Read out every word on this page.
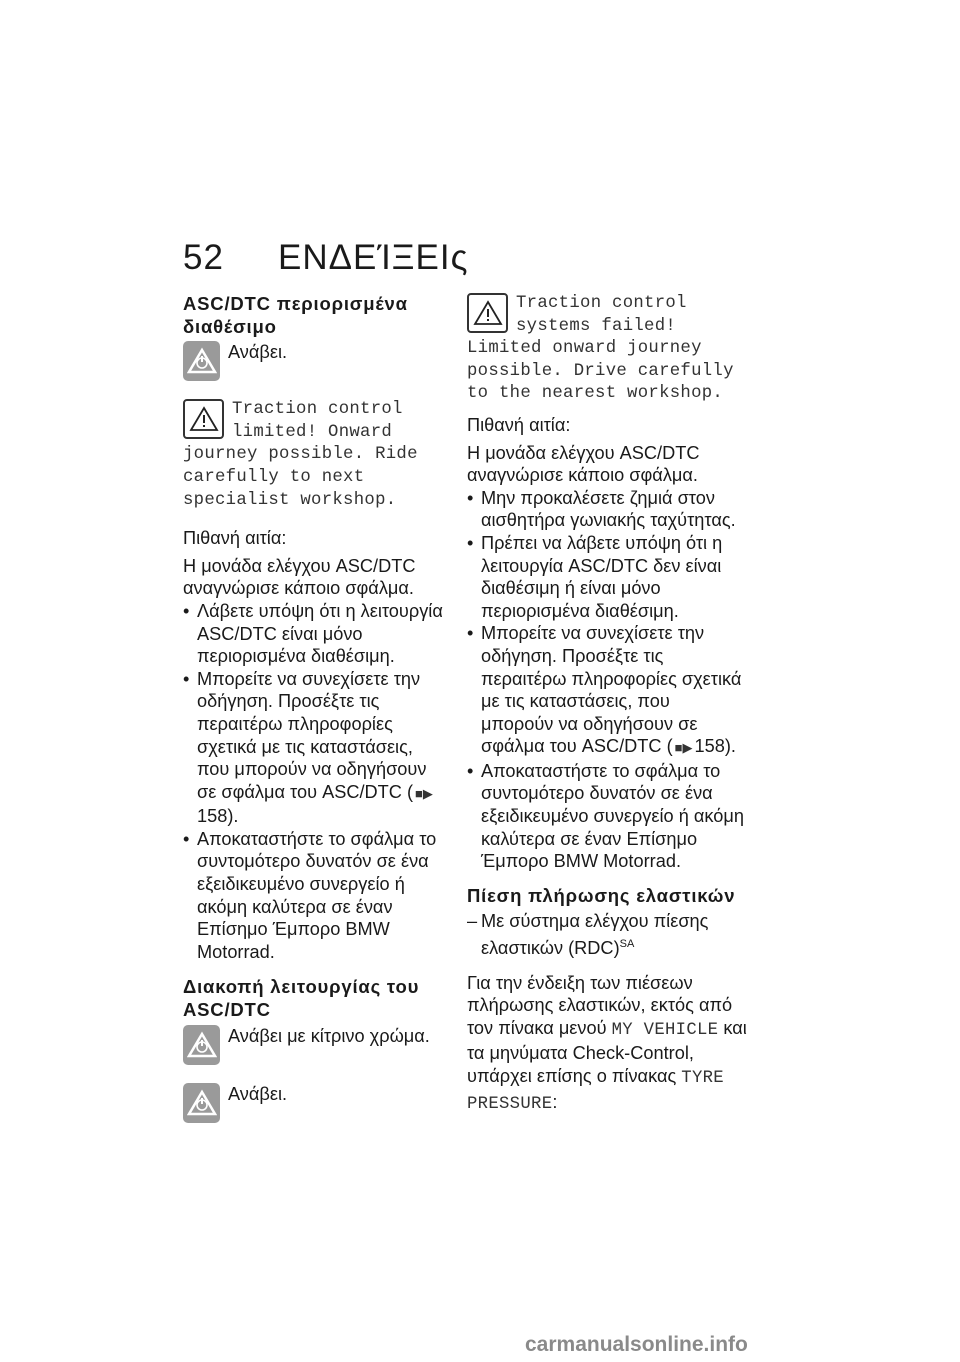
52 ΕΝΔΕΊΞΕΙς
ASC/DTC περιορισμένα διαθέσιμο
Ανάβει.
Traction control limited! Onward journey possible. Ride carefully to next specialist workshop.

Πιθανή αιτία:

Η μονάδα ελέγχου ASC/DTC αναγνώρισε κάποιο σφάλμα.

• Λάβετε υπόψη ότι η λειτουργία ASC/DTC είναι μόνο περιορισμένα διαθέσιμη.
• Μπορείτε να συνεχίσετε την οδήγηση. Προσέξτε τις περαιτέρω πληροφορίες σχετικά με τις καταστάσεις, που μπορούν να οδηγήσουν σε σφάλμα του ASC/DTC ( ■▶158).
• Αποκαταστήστε το σφάλμα το συντομότερο δυνατόν σε ένα εξειδικευμένο συνεργείο ή ακόμη καλύτερα σε έναν Επίσημο Έμπορο BMW Motorrad.
Διακοπή λειτουργίας του ASC/DTC
Ανάβει με κίτρινο χρώμα.
Ανάβει.
Traction control systems failed! Limited onward journey possible. Drive carefully to the nearest workshop.

Πιθανή αιτία:

Η μονάδα ελέγχου ASC/DTC αναγνώρισε κάποιο σφάλμα.

• Μην προκαλέσετε ζημιά στον αισθητήρα γωνιακής ταχύτητας.
• Πρέπει να λάβετε υπόψη ότι η λειτουργία ASC/DTC δεν είναι διαθέσιμη ή είναι μόνο περιορισμένα διαθέσιμη.
• Μπορείτε να συνεχίσετε την οδήγηση. Προσέξτε τις περαιτέρω πληροφορίες σχετικά με τις καταστάσεις, που μπορούν να οδηγήσουν σε σφάλμα του ASC/DTC ( ■▶ 158).
• Αποκαταστήστε το σφάλμα το συντομότερο δυνατόν σε ένα εξειδικευμένο συνεργείο ή ακόμη καλύτερα σε έναν Επίσημο Έμπορο BMW Motorrad.
Πίεση πλήρωσης ελαστικών

– Με σύστημα ελέγχου πίεσης ελαστικών (RDC)$^{SA}$

Για την ένδειξη των πιέσεων πλήρωσης ελαστικών, εκτός από τον πίνακα μενού MY VEHICLE και τα μηνύματα Check-Control, υπάρχει επίσης ο πίνακας TYRE PRESSURE:

carmanualsonline.info
